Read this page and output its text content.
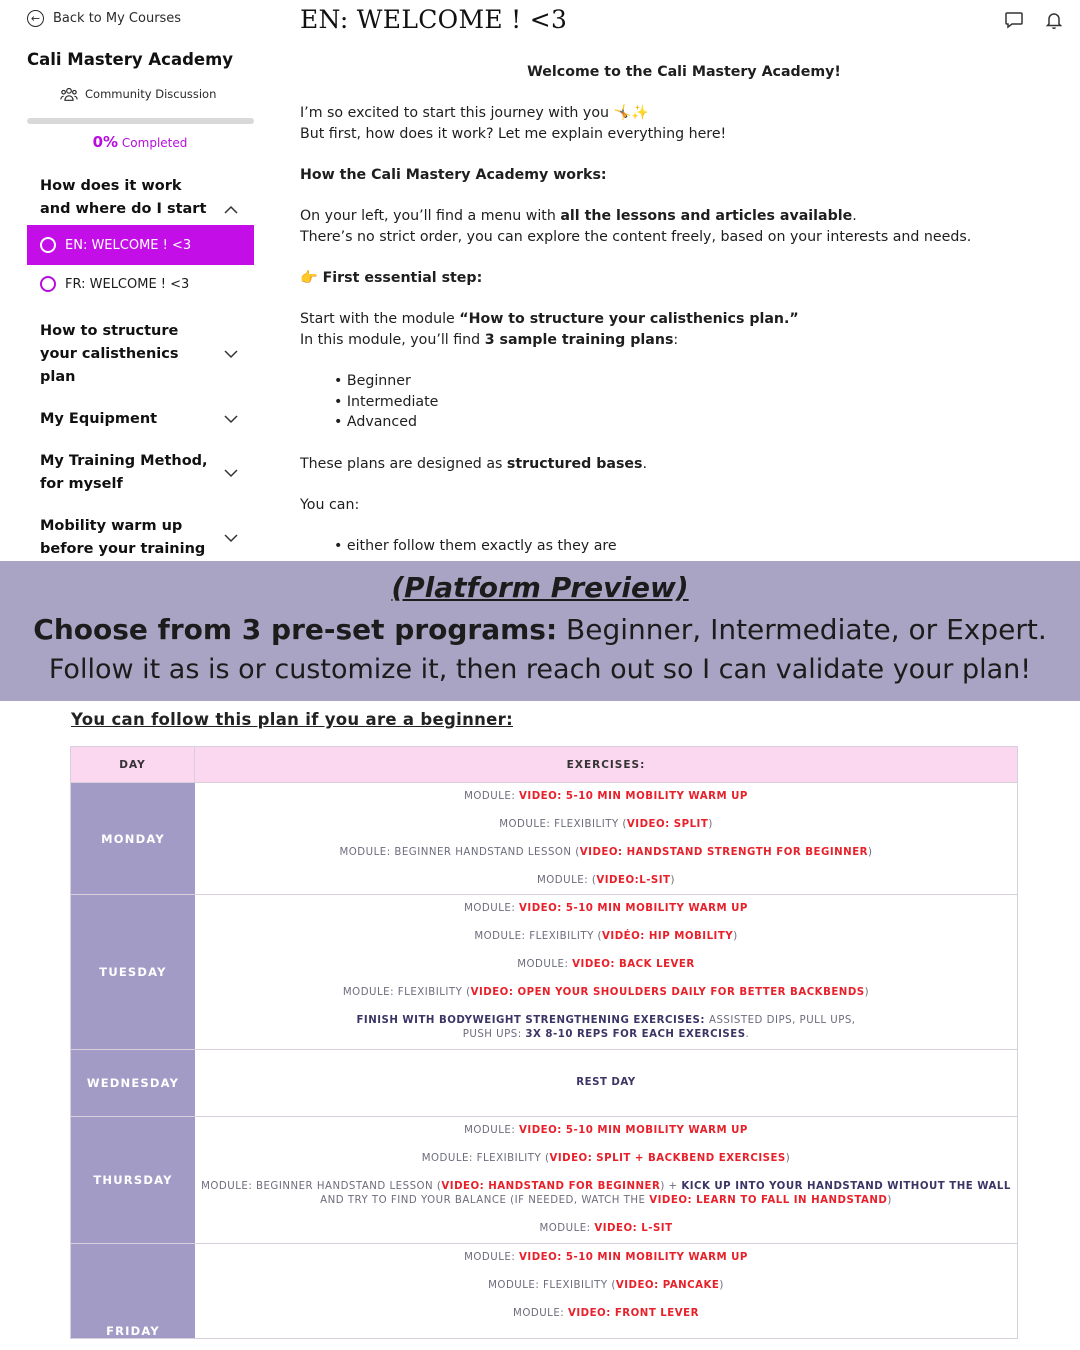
← Back to My Courses
Cali Mastery Academy
Community Discussion
0% Completed
How does it work and where do I start
EN: WELCOME ! <3
FR: WELCOME ! <3
How to structure your calisthenics plan
My Equipment
My Training Method, for myself
Mobility warm up before your training
EN: WELCOME ! <3
Welcome to the Cali Mastery Academy!
I’m so excited to start this journey with you 🤸✨
But first, how does it work? Let me explain everything here!
How the Cali Mastery Academy works:
On your left, you’ll find a menu with all the lessons and articles available.
There’s no strict order, you can explore the content freely, based on your interests and needs.
👉 First essential step:
Start with the module “How to structure your calisthenics plan.”
In this module, you’ll find 3 sample training plans:
• Beginner
• Intermediate
• Advanced
These plans are designed as structured bases.
You can:
• either follow them exactly as they are
(Platform Preview)
Choose from 3 pre-set programs: Beginner, Intermediate, or Expert.
Follow it as is or customize it, then reach out so I can validate your plan!
You can follow this plan if you are a beginner:
DAY	EXERCISES:
MONDAY
MODULE: VIDEO: 5-10 MIN MOBILITY WARM UP
MODULE: FLEXIBILITY (VIDEO: SPLIT)
MODULE: BEGINNER HANDSTAND LESSON (VIDEO: HANDSTAND STRENGTH FOR BEGINNER)
MODULE: (VIDEO:L-SIT)
TUESDAY
MODULE: VIDEO: 5-10 MIN MOBILITY WARM UP
MODULE: FLEXIBILITY (VIDÉO: HIP MOBILITY)
MODULE: VIDEO: BACK LEVER
MODULE: FLEXIBILITY (VIDEO: OPEN YOUR SHOULDERS DAILY FOR BETTER BACKBENDS)
FINISH WITH BODYWEIGHT STRENGTHENING EXERCISES: ASSISTED DIPS, PULL UPS,
PUSH UPS: 3X 8-10 REPS FOR EACH EXERCISES.
WEDNESDAY	REST DAY
THURSDAY
MODULE: VIDEO: 5-10 MIN MOBILITY WARM UP
MODULE: FLEXIBILITY (VIDEO: SPLIT + BACKBEND EXERCISES)
MODULE: BEGINNER HANDSTAND LESSON (VIDEO: HANDSTAND FOR BEGINNER) + KICK UP INTO YOUR HANDSTAND WITHOUT THE WALL
AND TRY TO FIND YOUR BALANCE (IF NEEDED, WATCH THE VIDEO: LEARN TO FALL IN HANDSTAND)
MODULE: VIDEO: L-SIT
FRIDAY
MODULE: VIDEO: 5-10 MIN MOBILITY WARM UP
MODULE: FLEXIBILITY (VIDEO: PANCAKE)
MODULE: VIDEO: FRONT LEVER
